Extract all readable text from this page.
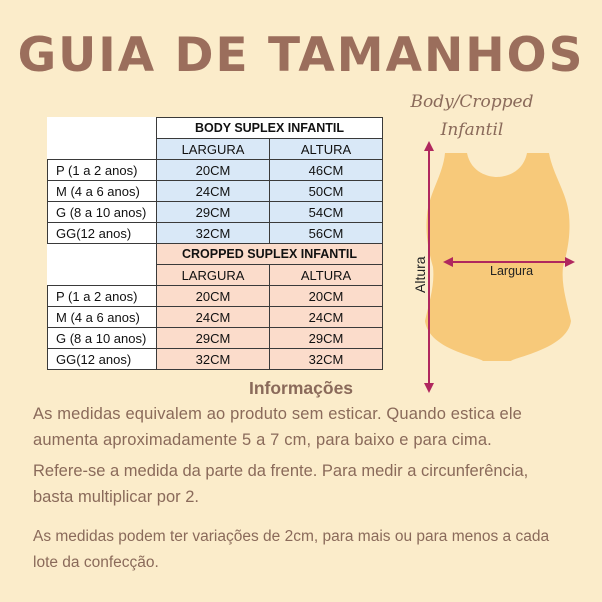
GUIA DE TAMANHOS
Body/Cropped Infantil
	BODY SUPLEX INFANTIL	
	LARGURA	ALTURA
P (1 a 2 anos)	20CM	46CM
M (4 a 6 anos)	24CM	50CM
G (8 a 10 anos)	29CM	54CM
GG(12 anos)	32CM	56CM
	CROPPED SUPLEX INFANTIL	
	LARGURA	ALTURA
P (1 a 2 anos)	20CM	20CM
M (4 a 6 anos)	24CM	24CM
G (8 a 10 anos)	29CM	29CM
GG(12 anos)	32CM	32CM
Altura	Largura
Informações

As medidas equivalem ao produto sem esticar. Quando estica ele aumenta aproximadamente 5 a 7 cm, para baixo e para cima.

Refere-se a medida da parte da frente. Para medir a circunferência, basta multiplicar por 2.

As medidas podem ter variações de 2cm, para mais ou para menos a cada lote da confecção.
